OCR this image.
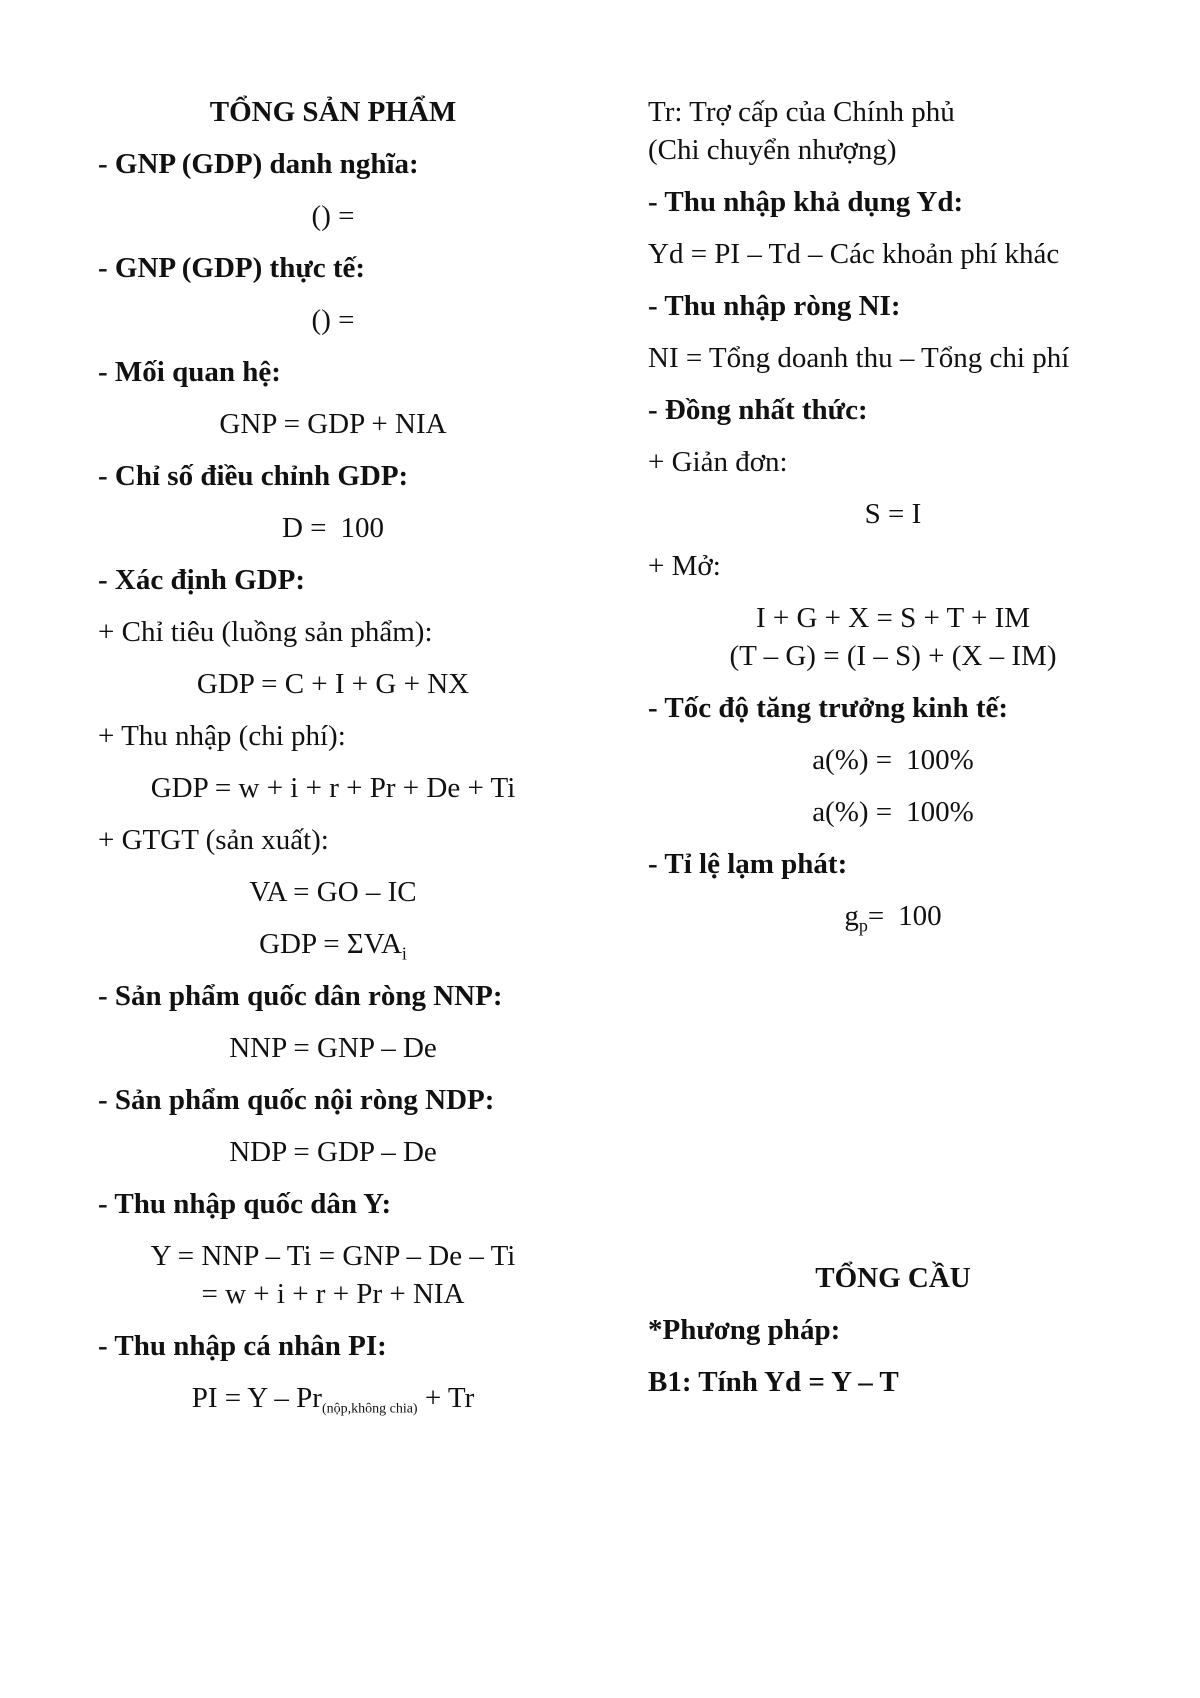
TỔNG SẢN PHẨM
- GNP (GDP) danh nghĩa:
() =
- GNP (GDP) thực tế:
() =
- Mối quan hệ:
GNP = GDP + NIA
- Chỉ số điều chỉnh GDP:
D = 100
- Xác định GDP:
+ Chỉ tiêu (luồng sản phẩm):
GDP = C + I + G + NX
+ Thu nhập (chi phí):
GDP = w + i + r + Pr + De + Ti
+ GTGT (sản xuất):
VA = GO – IC
GDP = $\Sigma VA_i$
- Sản phẩm quốc dân ròng NNP:
NNP = GNP – De
- Sản phẩm quốc nội ròng NDP:
NDP = GDP – De
- Thu nhập quốc dân Y:
Y = NNP – Ti = GNP – De – Ti
= w + i + r + Pr + NIA
- Thu nhập cá nhân PI:
PI = Y – Pr(nộp,không chia) + Tr
Tr: Trợ cấp của Chính phủ
(Chi chuyển nhượng)
- Thu nhập khả dụng Yd:
Yd = PI – Td – Các khoản phí khác
- Thu nhập ròng NI:
NI = Tổng doanh thu – Tổng chi phí
- Đồng nhất thức:
+ Giản đơn:
S = I
+ Mở:
I + G + X = S + T + IM
(T – G) = (I – S) + (X – IM)
- Tốc độ tăng trưởng kinh tế:
a(%) = 100%
a(%) = 100%
- Tỉ lệ lạm phát:
$g_p= 100$
TỔNG CẦU
*Phương pháp:
B1: Tính Yd = Y – T
